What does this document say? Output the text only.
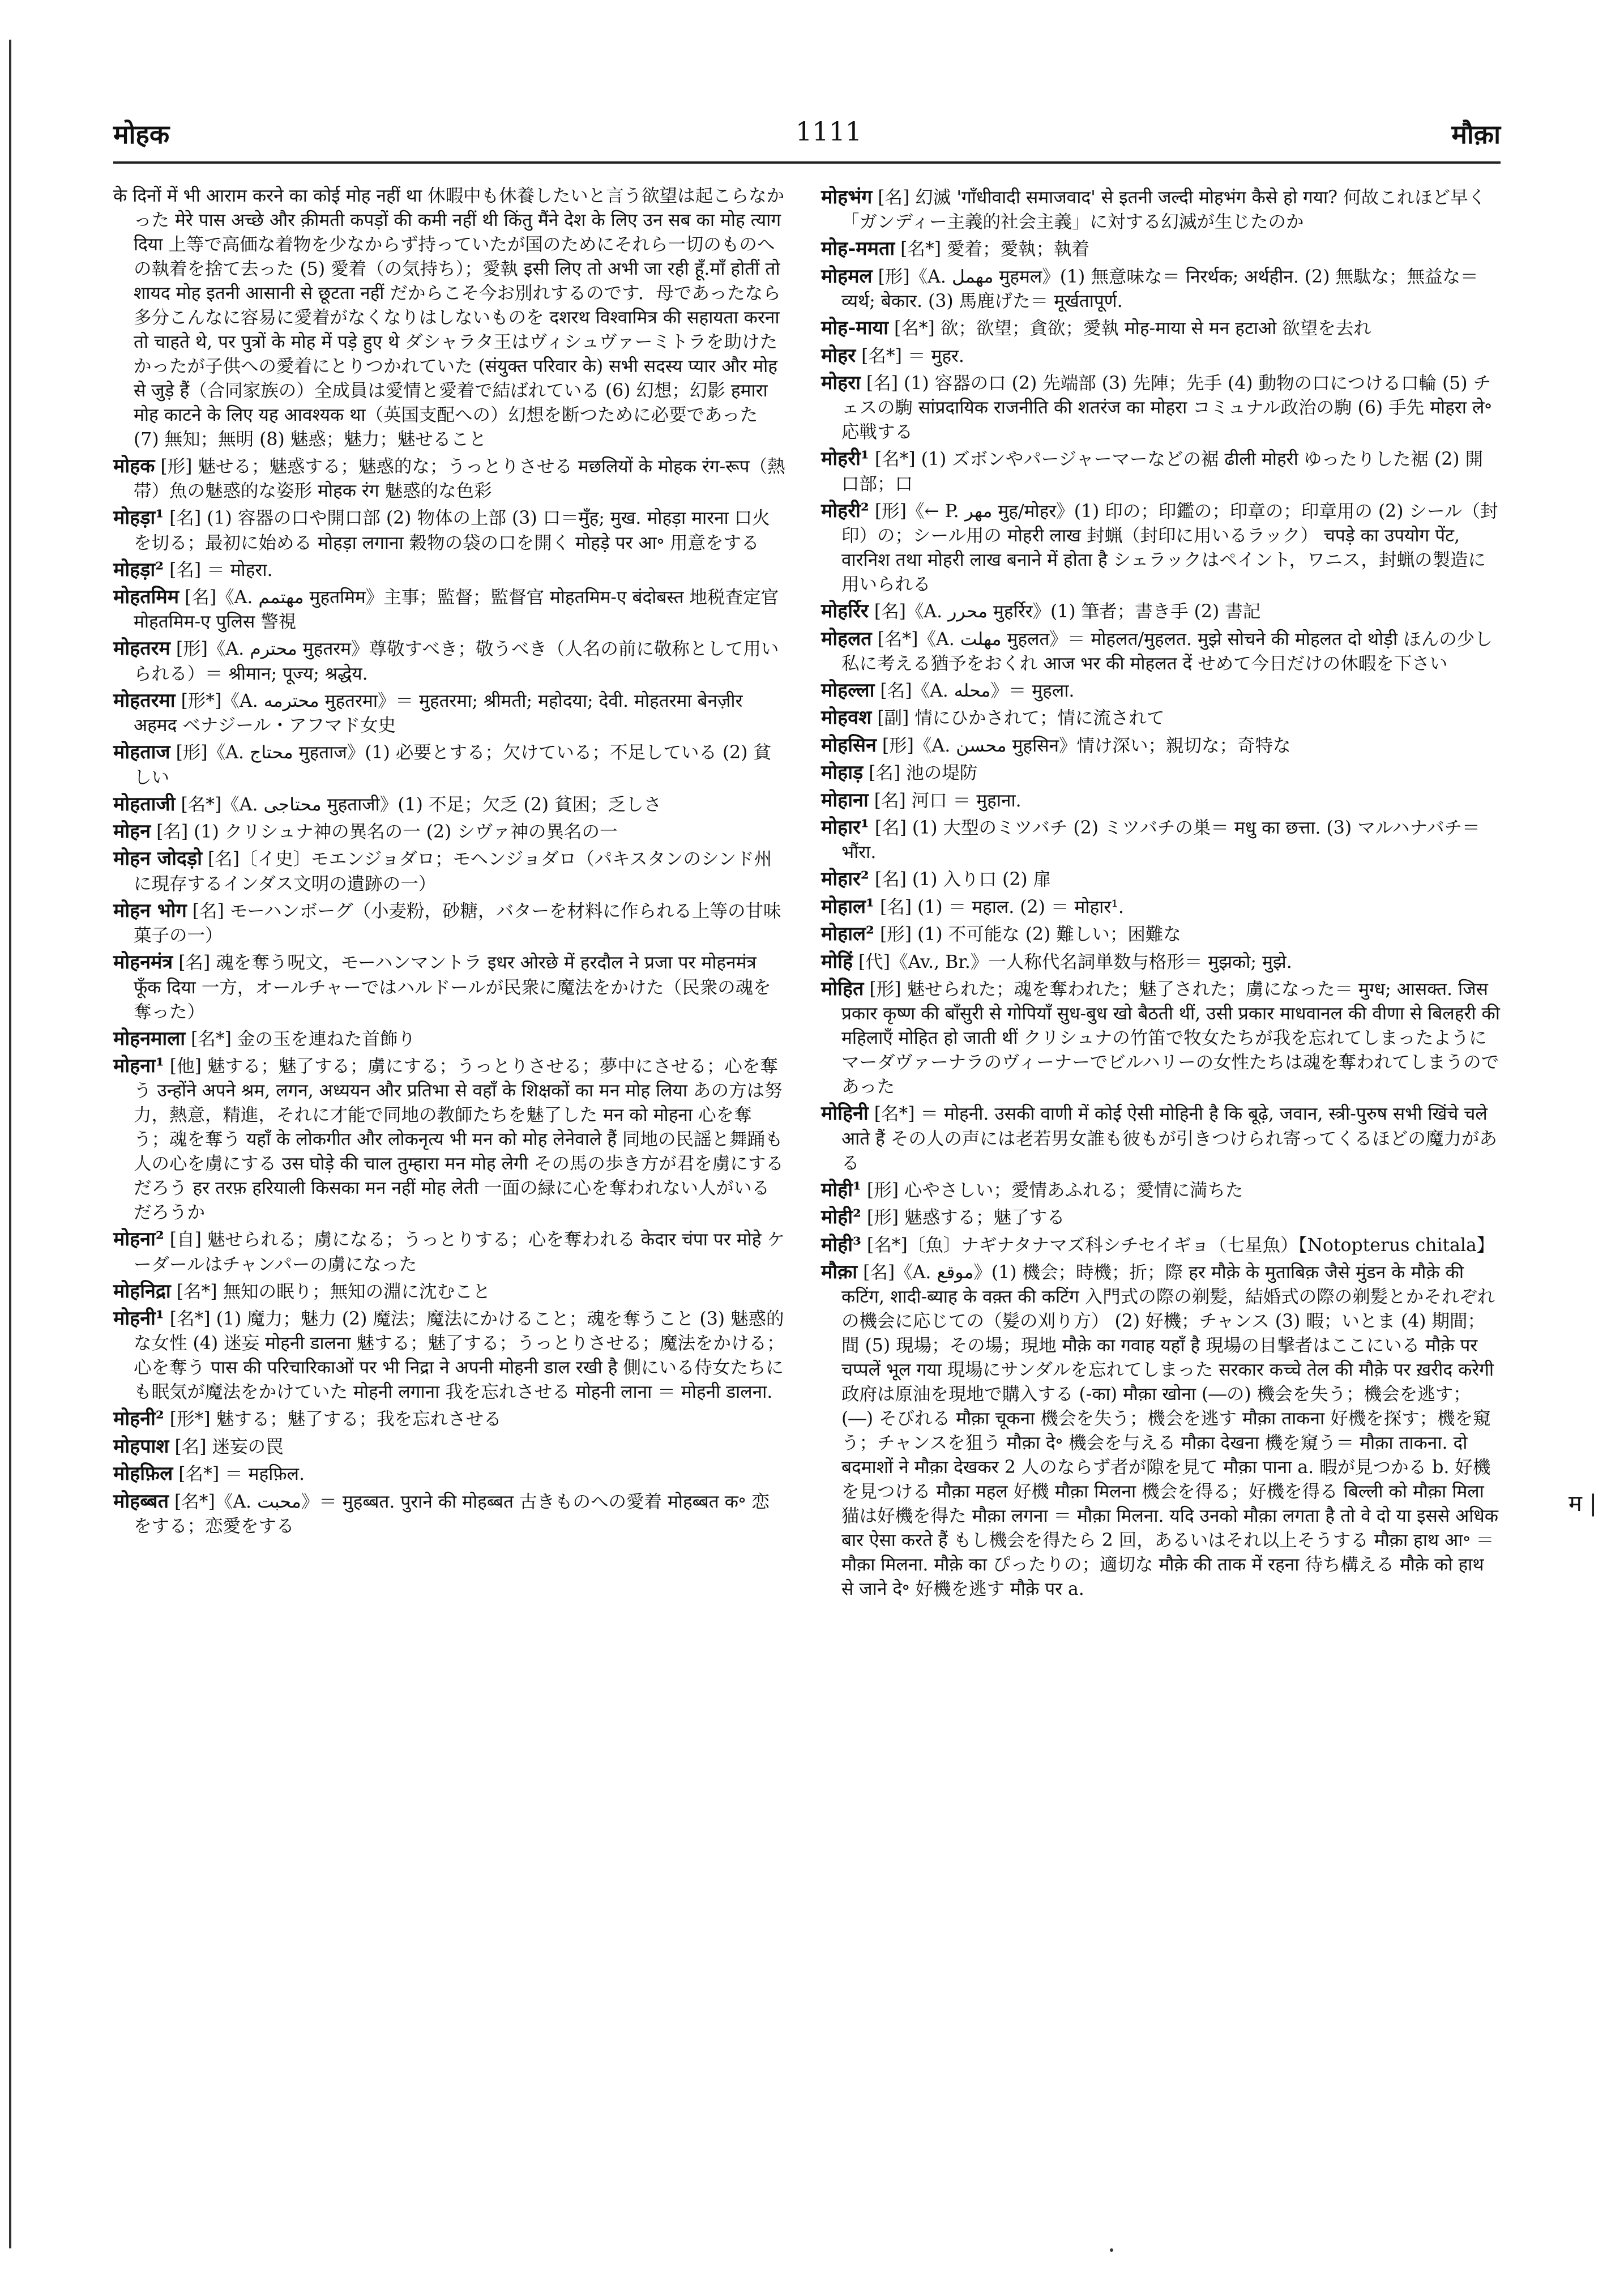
मोहक	1111	मौक़ा

के दिनों में भी आराम करने का कोई मोह नहीं था 休暇中も休養したいと言う欲望は起こらなかった मेरे पास अच्छे और क़ीमती कपड़ों की कमी नहीं थी किंतु मैंने देश के लिए उन सब का मोह त्याग दिया 上等で高価な着物を少なからず持っていたが国のためにそれら一切のものへの執着を捨て去った (5) 愛着（の気持ち）；愛執 इसी लिए तो अभी जा रही हूँ.माँ होतीं तो शायद मोह इतनी आसानी से छूटता नहीं だからこそ今お別れするのです．母であったなら多分こんなに容易に愛着がなくなりはしないものを दशरथ विश्वामित्र की सहायता करना तो चाहते थे, पर पुत्रों के मोह में पड़े हुए थे ダシャラタ王はヴィシュヴァーミトラを助けたかったが子供への愛着にとりつかれていた (संयुक्त परिवार के) सभी सदस्य प्यार और मोह से जुड़े हैं（合同家族の）全成員は愛情と愛着で結ばれている (6) 幻想；幻影 हमारा मोह काटने के लिए यह आवश्यक था（英国支配への）幻想を断つために必要であった (7) 無知；無明 (8) 魅惑；魅力；魅せること

मोहक [形] 魅せる；魅惑する；魅惑的な；うっとりさせる मछलियों के मोहक रंग-रूप（熱帯）魚の魅惑的な姿形 मोहक रंग 魅惑的な色彩

मोहड़ा¹ [名] (1) 容器の口や開口部 (2) 物体の上部 (3) 口＝मुँह; मुख. मोहड़ा मारना 口火を切る；最初に始める मोहड़ा लगाना 穀物の袋の口を開く मोहड़े पर आ॰ 用意をする

मोहड़ा² [名] ＝ मोहरा.

मोहतमिम [名]《A. مهتمم मुहतमिम》主事；監督；監督官 मोहतमिम-ए बंदोबस्त 地税査定官 मोहतमिम-ए पुलिस 警視

मोहतरम [形]《A. محترم मुहतरम》尊敬すべき；敬うべき（人名の前に敬称として用いられる）＝ श्रीमान; पूज्य; श्रद्धेय.

मोहतरमा [形*]《A. محترمه मुहतरमा》＝ मुहतरमा; श्रीमती; महोदया; देवी. मोहतरमा बेनज़ीर अहमद ベナジール・アフマド女史

मोहताज [形]《A. محتاج मुहताज》(1) 必要とする；欠けている；不足している (2) 貧しい

मोहताजी [名*]《A. محتاجی मुहताजी》(1) 不足；欠乏 (2) 貧困；乏しさ

मोहन [名] (1) クリシュナ神の異名の一 (2) シヴァ神の異名の一

मोहन जोदड़ो [名]〔イ史〕モエンジョダロ；モヘンジョダロ（パキスタンのシンド州に現存するインダス文明の遺跡の一）

मोहन भोग [名] モーハンボーグ（小麦粉，砂糖，バターを材料に作られる上等の甘味菓子の一）

मोहनमंत्र [名] 魂を奪う呪文，モーハンマントラ इधर ओरछे में हरदौल ने प्रजा पर मोहनमंत्र फूँक दिया 一方，オールチャーではハルドールが民衆に魔法をかけた（民衆の魂を奪った）

मोहनमाला [名*] 金の玉を連ねた首飾り

मोहना¹ [他] 魅する；魅了する；虜にする；うっとりさせる；夢中にさせる；心を奪う उन्होंने अपने श्रम, लगन, अध्ययन और प्रतिभा से वहाँ के शिक्षकों का मन मोह लिया あの方は努力，熱意，精進，それに才能で同地の教師たちを魅了した मन को मोहना 心を奪う；魂を奪う यहाँ के लोकगीत और लोकनृत्य भी मन को मोह लेनेवाले हैं 同地の民謡と舞踊も人の心を虜にする उस घोड़े की चाल तुम्हारा मन मोह लेगी その馬の歩き方が君を虜にするだろう हर तरफ़ हरियाली किसका मन नहीं मोह लेती 一面の緑に心を奪われない人がいるだろうか

मोहना² [自] 魅せられる；虜になる；うっとりする；心を奪われる केदार चंपा पर मोहे ケーダールはチャンパーの虜になった

मोहनिद्रा [名*] 無知の眠り；無知の淵に沈むこと

मोहनी¹ [名*] (1) 魔力；魅力 (2) 魔法；魔法にかけること；魂を奪うこと (3) 魅惑的な女性 (4) 迷妄 मोहनी डालना 魅する；魅了する；うっとりさせる；魔法をかける；心を奪う पास की परिचारिकाओं पर भी निद्रा ने अपनी मोहनी डाल रखी है 側にいる侍女たちにも眠気が魔法をかけていた मोहनी लगाना 我を忘れさせる मोहनी लाना ＝ मोहनी डालना.

मोहनी² [形*] 魅する；魅了する；我を忘れさせる

मोहपाश [名] 迷妄の罠

मोहफ़िल [名*] ＝ महफ़िल.

मोहब्बत [名*]《A. محبت》＝ मुहब्बत. पुराने की मोहब्बत 古きものへの愛着 मोहब्बत क॰ 恋をする；恋愛をする

मोहभंग [名] 幻滅 'गाँधीवादी समाजवाद' से इतनी जल्दी मोहभंग कैसे हो गया? 何故これほど早く「ガンディー主義的社会主義」に対する幻滅が生じたのか

मोह-ममता [名*] 愛着；愛執；執着

मोहमल [形]《A. مهمل मुहमल》(1) 無意味な＝ निरर्थक; अर्थहीन. (2) 無駄な；無益な＝ व्यर्थ; बेकार. (3) 馬鹿げた＝ मूर्खतापूर्ण.

मोह-माया [名*] 欲；欲望；貪欲；愛執 मोह-माया से मन हटाओ 欲望を去れ

मोहर [名*] ＝ मुहर.

मोहरा [名] (1) 容器の口 (2) 先端部 (3) 先陣；先手 (4) 動物の口につける口輪 (5) チェスの駒 सांप्रदायिक राजनीति की शतरंज का मोहरा コミュナル政治の駒 (6) 手先 मोहरा ले॰ 応戦する

मोहरी¹ [名*] (1) ズボンやパージャーマーなどの裾 ढीली मोहरी ゆったりした裾 (2) 開口部；口

मोहरी² [形]《← P. مهر मुह/मोहर》(1) 印の；印鑑の；印章の；印章用の (2) シール（封印）の；シール用の मोहरी लाख 封蝋（封印に用いるラック） चपड़े का उपयोग पेंट, वारनिश तथा मोहरी लाख बनाने में होता है シェラックはペイント，ワニス，封蝋の製造に用いられる

मोहर्रिर [名]《A. محرر मुहर्रिर》(1) 筆者；書き手 (2) 書記

मोहलत [名*]《A. مهلت मुहलत》＝ मोहलत/मुहलत. मुझे सोचने की मोहलत दो थोड़ी ほんの少し私に考える猶予をおくれ आज भर की मोहलत दें せめて今日だけの休暇を下さい

मोहल्ला [名]《A. محله》＝ मुहला.

मोहवश [副] 情にひかされて；情に流されて

मोहसिन [形]《A. محسن मुहसिन》情け深い；親切な；奇特な

मोहाड़ [名] 池の堤防

मोहाना [名] 河口 ＝ मुहाना.

मोहार¹ [名] (1) 大型のミツバチ (2) ミツバチの巣＝ मधु का छत्ता. (3) マルハナバチ＝ भौंरा.

मोहार² [名] (1) 入り口 (2) 扉

मोहाल¹ [名] (1) ＝ महाल. (2) ＝ मोहार¹.

मोहाल² [形] (1) 不可能な (2) 難しい；困難な

मोहिं [代]《Av., Br.》一人称代名詞単数与格形＝ मुझको; मुझे.

मोहित [形] 魅せられた；魂を奪われた；魅了された；虜になった＝ मुग्ध; आसक्त. जिस प्रकार कृष्ण की बाँसुरी से गोपियाँ सुध-बुध खो बैठती थीं, उसी प्रकार माधवानल की वीणा से बिलहरी की महिलाएँ मोहित हो जाती थीं クリシュナの竹笛で牧女たちが我を忘れてしまったようにマーダヴァーナラのヴィーナーでビルハリーの女性たちは魂を奪われてしまうのであった

मोहिनी [名*] ＝ मोहनी. उसकी वाणी में कोई ऐसी मोहिनी है कि बूढ़े, जवान, स्त्री-पुरुष सभी खिंचे चले आते हैं その人の声には老若男女誰も彼もが引きつけられ寄ってくるほどの魔力がある

मोही¹ [形] 心やさしい；愛情あふれる；愛情に満ちた

मोही² [形] 魅惑する；魅了する

मोही³ [名*]〔魚〕ナギナタナマズ科シチセイギョ（七星魚）【Notopterus chitala】

मौक़ा [名]《A. موقع》(1) 機会；時機；折；際 हर मौक़े के मुताबिक़ जैसे मुंडन के मौक़े की कटिंग, शादी-ब्याह के वक़्त की कटिंग 入門式の際の剃髪，結婚式の際の剃髪とかそれぞれの機会に応じての（髪の刈り方） (2) 好機；チャンス (3) 暇；いとま (4) 期間；間 (5) 現場；その場；現地 मौक़े का गवाह यहाँ है 現場の目撃者はここにいる मौक़े पर चप्पलें भूल गया 現場にサンダルを忘れてしまった सरकार कच्चे तेल की मौक़े पर ख़रीद करेगी 政府は原油を現地で購入する (-का) मौक़ा खोना (―の) 機会を失う；機会を逃す；(―) そびれる मौक़ा चूकना 機会を失う；機会を逃す मौक़ा ताकना 好機を探す；機を窺う；チャンスを狙う मौक़ा दे॰ 機会を与える मौक़ा देखना 機を窺う＝ मौक़ा ताकना. दो बदमाशों ने मौक़ा देखकर 2 人のならず者が隙を見て मौक़ा पाना a. 暇が見つかる b. 好機を見つける मौक़ा महल 好機 मौक़ा मिलना 機会を得る；好機を得る बिल्ली को मौक़ा मिला 猫は好機を得た मौक़ा लगना ＝ मौक़ा मिलना. यदि उनको मौक़ा लगता है तो वे दो या इससे अधिक बार ऐसा करते हैं もし機会を得たら 2 回，あるいはそれ以上そうする मौक़ा हाथ आ॰ ＝ मौक़ा मिलना. मौक़े का ぴったりの；適切な मौक़े की ताक में रहना 待ち構える मौक़े को हाथ से जाने दे॰ 好機を逃す मौक़े पर a.

म |
